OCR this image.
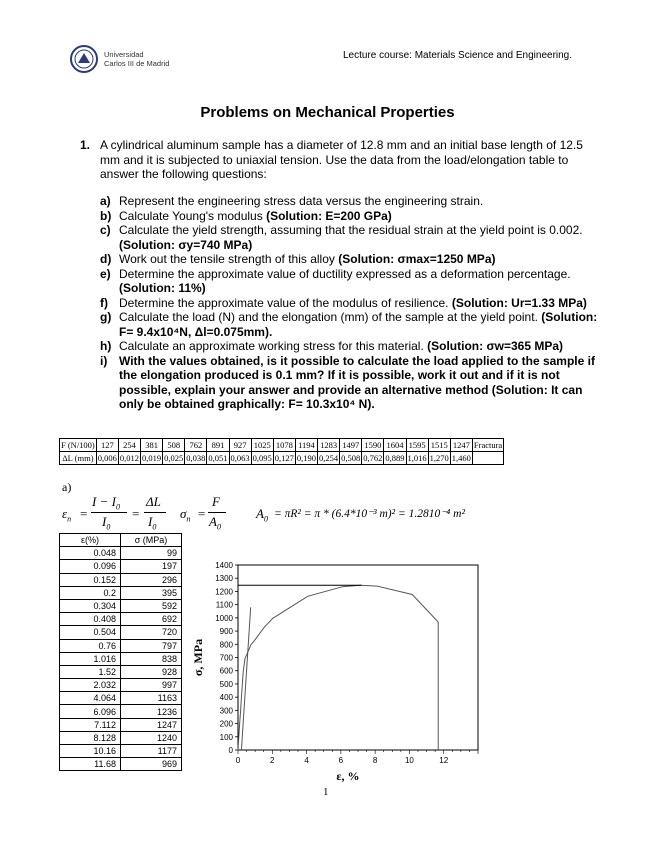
Universidad
Carlos III de Madrid
Lecture course: Materials Science and Engineering.
Problems on Mechanical Properties
1. A cylindrical aluminum sample has a diameter of 12.8 mm and an initial base length of 12.5 mm and it is subjected to uniaxial tension. Use the data from the load/elongation table to answer the following questions:
a) Represent the engineering stress data versus the engineering strain.
b) Calculate Young's modulus (Solution: E=200 GPa)
c) Calculate the yield strength, assuming that the residual strain at the yield point is 0.002. (Solution: σy=740 MPa)
d) Work out the tensile strength of this alloy (Solution: σmax=1250 MPa)
e) Determine the approximate value of ductility expressed as a deformation percentage. (Solution: 11%)
f) Determine the approximate value of the modulus of resilience. (Solution: Ur=1.33 MPa)
g) Calculate the load (N) and the elongation (mm) of the sample at the yield point. (Solution: F= 9.4x10⁴N, Δl=0.075mm).
h) Calculate an approximate working stress for this material. (Solution: σw=365 MPa)
i) With the values obtained, is it possible to calculate the load applied to the sample if the elongation produced is 0.1 mm? If it is possible, work it out and if it is not possible, explain your answer and provide an alternative method (Solution: It can only be obtained graphically: F= 10.3x10⁴ N).
F (N/100)	127	254	381	508	762	891	927	1025	1078	1194	1283	1497	1590	1604	1595	1515	1247	Fractura
ΔL (mm)	0,006	0,012	0,019	0,025	0,038	0,051	0,063	0,095	0,127	0,190	0,254	0,508	0,762	0,889	1,016	1,270	1,460	
a)
$\varepsilon_n$ =
$I - I_0$
$I_0$
=
ΔL
$I_0$
$\sigma_n$ =
F
$A_0$
$A_0 = \pi R^2 = \pi * (6.4*10^{-3}$ m)² = 1.2810⁻⁴ m²
ε(%)	σ (MPa)
0.048	99
0.096	197
0.152	296
0.2	395
0.304	592
0.408	692
0.504	720
0.76	797
1.016	838
1.52	928
2.032	997
4.064	1163
6.096	1236
7.112	1247
8.128	1240
10.16	1177
11.68	969
0
100
200
300
400
500
600
700
800
900
1000
1100
1200
1300
1400
0	2	4	6	8	10	12
σ, MPa
ε, %
1
